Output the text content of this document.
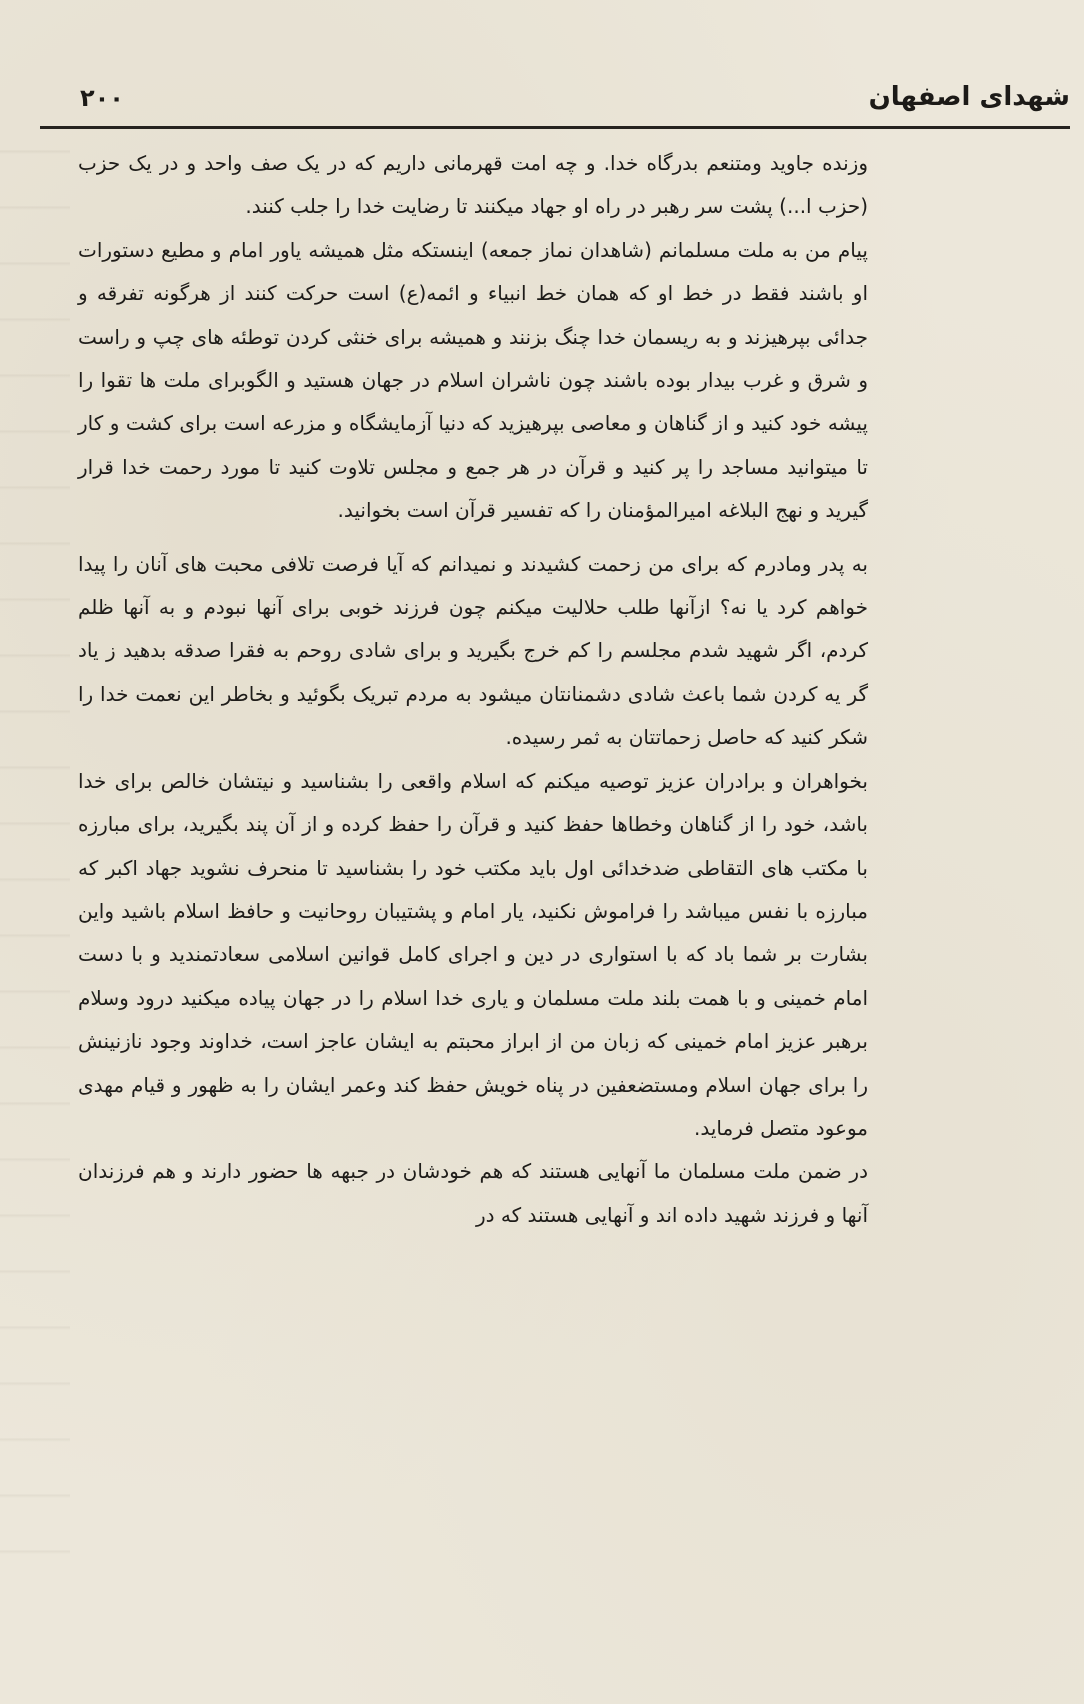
شهدای اصفهان
۲۰۰

وزنده جاوید ومتنعم بدرگاه خدا. و چه امت قهرمانی داریم که در یک صف واحد و در یک حزب (حزب ا...) پشت سر رهبر در راه او جهاد میکنند تا رضایت خدا را جلب کنند.

پیام من به ملت مسلمانم (شاهدان نماز جمعه) اینستکه مثل همیشه یاور امام و مطیع دستورات او باشند فقط در خط او که همان خط انبیاء و ائمه(ع) است حرکت کنند از هرگونه تفرقه و جدائی بپرهیزند و به ریسمان خدا چنگ بزنند و همیشه برای خنثی کردن توطئه های چپ و راست و شرق و غرب بیدار بوده باشند چون ناشران اسلام در جهان هستید و الگوبرای ملت ها تقوا را پیشه خود کنید و از گناهان و معاصی بپرهیزید که دنیا آزمایشگاه و مزرعه است برای کشت و کار تا میتوانید مساجد را پر کنید و قرآن در هر جمع و مجلس تلاوت کنید تا مورد رحمت خدا قرار گیرید و نهج البلاغه امیرالمؤمنان را که تفسیر قرآن است بخوانید.

به پدر ومادرم که برای من زحمت کشیدند و نمیدانم که آیا فرصت تلافی محبت های آنان را پیدا خواهم کرد یا نه؟ ازآنها طلب حلالیت میکنم چون فرزند خوبی برای آنها نبودم و به آنها ظلم کردم، اگر شهید شدم مجلسم را کم خرج بگیرید و برای شادی روحم به فقرا صدقه بدهید ز یاد گر یه کردن شما باعث شادی دشمنانتان میشود به مردم تبریک بگوئید و بخاطر این نعمت خدا را شکر کنید که حاصل زحماتتان به ثمر رسیده.

بخواهران و برادران عزیز توصیه میکنم که اسلام واقعی را بشناسید و نیتشان خالص برای خدا باشد، خود را از گناهان وخطاها حفظ کنید و قرآن را حفظ کرده و از آن پند بگیرید، برای مبارزه با مکتب های التقاطی ضدخدائی اول باید مکتب خود را بشناسید تا منحرف نشوید جهاد اکبر که مبارزه با نفس میباشد را فراموش نکنید، یار امام و پشتیبان روحانیت و حافظ اسلام باشید واین بشارت بر شما باد که با استواری در دین و اجرای کامل قوانین اسلامی سعادتمندید و با دست امام خمینی و با همت بلند ملت مسلمان و یاری خدا اسلام را در جهان پیاده میکنید درود وسلام برهبر عزیز امام خمینی که زبان من از ابراز محبتم به ایشان عاجز است، خداوند وجود نازنینش را برای جهان اسلام ومستضعفین در پناه خویش حفظ کند وعمر ایشان را به ظهور و قیام مهدی موعود متصل فرماید.

در ضمن ملت مسلمان ما آنهایی هستند که هم خودشان در جبهه ها حضور دارند و هم فرزندان آنها و فرزند شهید داده اند و آنهایی هستند که در
